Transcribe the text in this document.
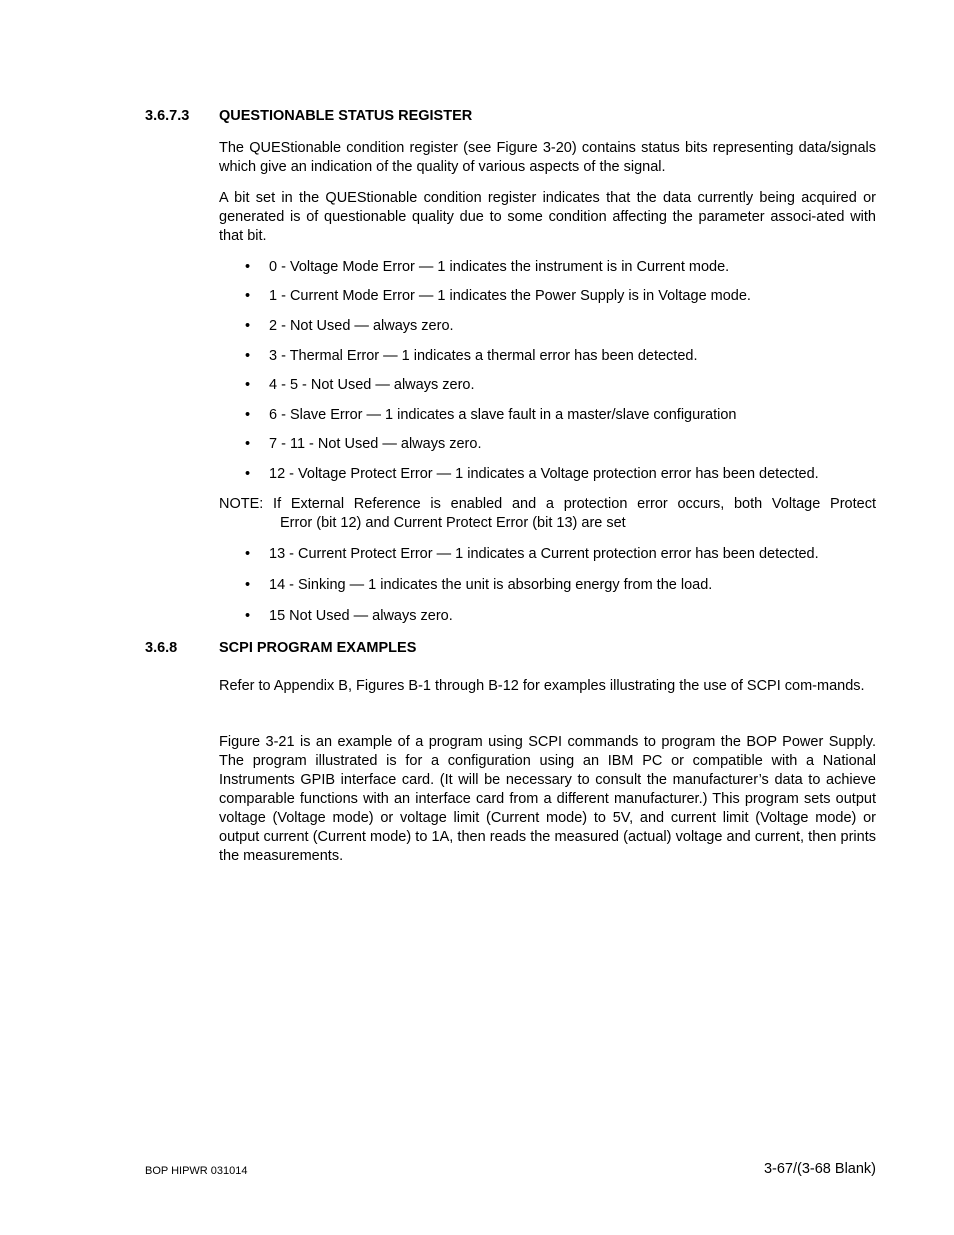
3.6.7.3 QUESTIONABLE STATUS REGISTER

The QUEStionable condition register (see Figure 3-20) contains status bits representing data/signals which give an indication of the quality of various aspects of the signal.

A bit set in the QUEStionable condition register indicates that the data currently being acquired or generated is of questionable quality due to some condition affecting the parameter associ-ated with that bit.

• 0 - Voltage Mode Error — 1 indicates the instrument is in Current mode.
• 1 - Current Mode Error — 1 indicates the Power Supply is in Voltage mode.
• 2 - Not Used — always zero.
• 3 - Thermal Error — 1 indicates a thermal error has been detected.
• 4 - 5 - Not Used — always zero.
• 6 - Slave Error — 1 indicates a slave fault in a master/slave configuration
• 7 - 11 - Not Used — always zero.
• 12 - Voltage Protect Error — 1 indicates a Voltage protection error has been detected.
NOTE: If External Reference is enabled and a protection error occurs, both Voltage Protect
Error (bit 12) and Current Protect Error (bit 13) are set
• 13 - Current Protect Error — 1 indicates a Current protection error has been detected.
• 14 - Sinking — 1 indicates the unit is absorbing energy from the load.
• 15 Not Used — always zero.
3.6.8	SCPI PROGRAM EXAMPLES

Refer to Appendix B, Figures B-1 through B-12 for examples illustrating the use of SCPI com-mands.

Figure 3-21 is an example of a program using SCPI commands to program the BOP Power Supply. The program illustrated is for a configuration using an IBM PC or compatible with a National Instruments GPIB interface card. (It will be necessary to consult the manufacturer’s data to achieve comparable functions with an interface card from a different manufacturer.) This program sets output voltage (Voltage mode) or voltage limit (Current mode) to 5V, and current limit (Voltage mode) or output current (Current mode) to 1A, then reads the measured (actual) voltage and current, then prints the measurements.

BOP HIPWR 031014	3-67/(3-68 Blank)
